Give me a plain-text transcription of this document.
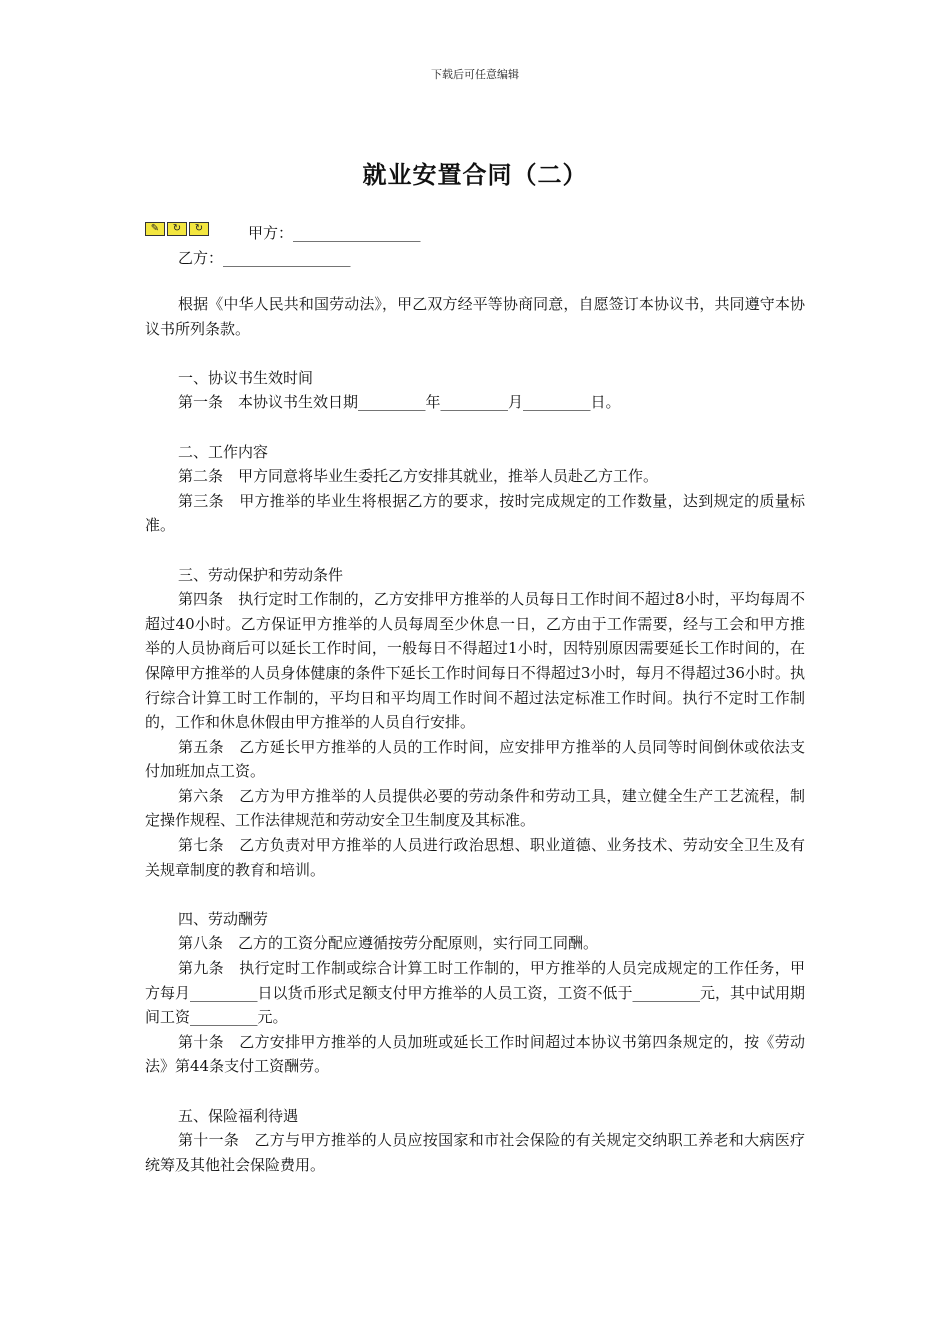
下载后可任意编辑
就业安置合同（二）
✎	↻	↻	甲方：_________________
乙方：_________________

根据《中华人民共和国劳动法》，甲乙双方经平等协商同意，自愿签订本协议书，共同遵守本协议书所列条款。

一、协议书生效时间

第一条　本协议书生效日期_________年_________月_________日。

二、工作内容

第二条　甲方同意将毕业生委托乙方安排其就业，推举人员赴乙方工作。

第三条　甲方推举的毕业生将根据乙方的要求，按时完成规定的工作数量，达到规定的质量标准。

三、劳动保护和劳动条件

第四条　执行定时工作制的，乙方安排甲方推举的人员每日工作时间不超过8小时，平均每周不超过40小时。乙方保证甲方推举的人员每周至少休息一日，乙方由于工作需要，经与工会和甲方推举的人员协商后可以延长工作时间，一般每日不得超过1小时，因特别原因需要延长工作时间的，在保障甲方推举的人员身体健康的条件下延长工作时间每日不得超过3小时，每月不得超过36小时。执行综合计算工时工作制的，平均日和平均周工作时间不超过法定标准工作时间。执行不定时工作制的，工作和休息休假由甲方推举的人员自行安排。

第五条　乙方延长甲方推举的人员的工作时间，应安排甲方推举的人员同等时间倒休或依法支付加班加点工资。

第六条　乙方为甲方推举的人员提供必要的劳动条件和劳动工具，建立健全生产工艺流程，制定操作规程、工作法律规范和劳动安全卫生制度及其标准。

第七条　乙方负责对甲方推举的人员进行政治思想、职业道德、业务技术、劳动安全卫生及有关规章制度的教育和培训。

四、劳动酬劳

第八条　乙方的工资分配应遵循按劳分配原则，实行同工同酬。

第九条　执行定时工作制或综合计算工时工作制的，甲方推举的人员完成规定的工作任务，甲方每月_________日以货币形式足额支付甲方推举的人员工资，工资不低于_________元，其中试用期间工资_________元。

第十条　乙方安排甲方推举的人员加班或延长工作时间超过本协议书第四条规定的，按《劳动法》第44条支付工资酬劳。

五、保险福利待遇

第十一条　乙方与甲方推举的人员应按国家和市社会保险的有关规定交纳职工养老和大病医疗统筹及其他社会保险费用。
